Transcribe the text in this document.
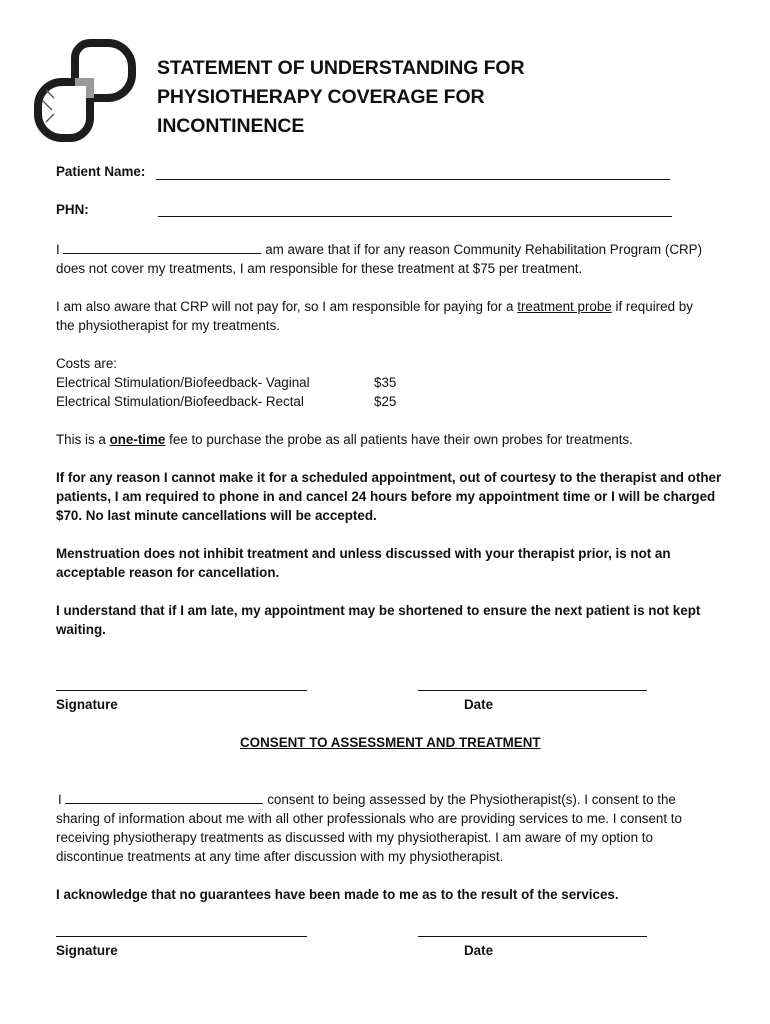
STATEMENT OF UNDERSTANDING FOR
PHYSIOTHERAPY COVERAGE FOR
INCONTINENCE
Patient Name:
PHN:
I	am aware that if for any reason Community Rehabilitation Program (CRP)
does not cover my treatments, I am responsible for these treatment at $75 per treatment.
I am also aware that CRP will not pay for, so I am responsible for paying for a treatment probe if required by
the physiotherapist for my treatments.
Costs are:
Electrical Stimulation/Biofeedback- Vaginal	$35
Electrical Stimulation/Biofeedback- Rectal	$25
This is a one-time fee to purchase the probe as all patients have their own probes for treatments.
If for any reason I cannot make it for a scheduled appointment, out of courtesy to the therapist and other
patients, I am required to phone in and cancel 24 hours before my appointment time or I will be charged
$70. No last minute cancellations will be accepted.
Menstruation does not inhibit treatment and unless discussed with your therapist prior, is not an
acceptable reason for cancellation.
I understand that if I am late, my appointment may be shortened to ensure the next patient is not kept
waiting.
Signature	Date
CONSENT TO ASSESSMENT AND TREATMENT
I	consent to being assessed by the Physiotherapist(s). I consent to the
sharing of information about me with all other professionals who are providing services to me. I consent to
receiving physiotherapy treatments as discussed with my physiotherapist. I am aware of my option to
discontinue treatments at any time after discussion with my physiotherapist.
I acknowledge that no guarantees have been made to me as to the result of the services.
Signature	Date
